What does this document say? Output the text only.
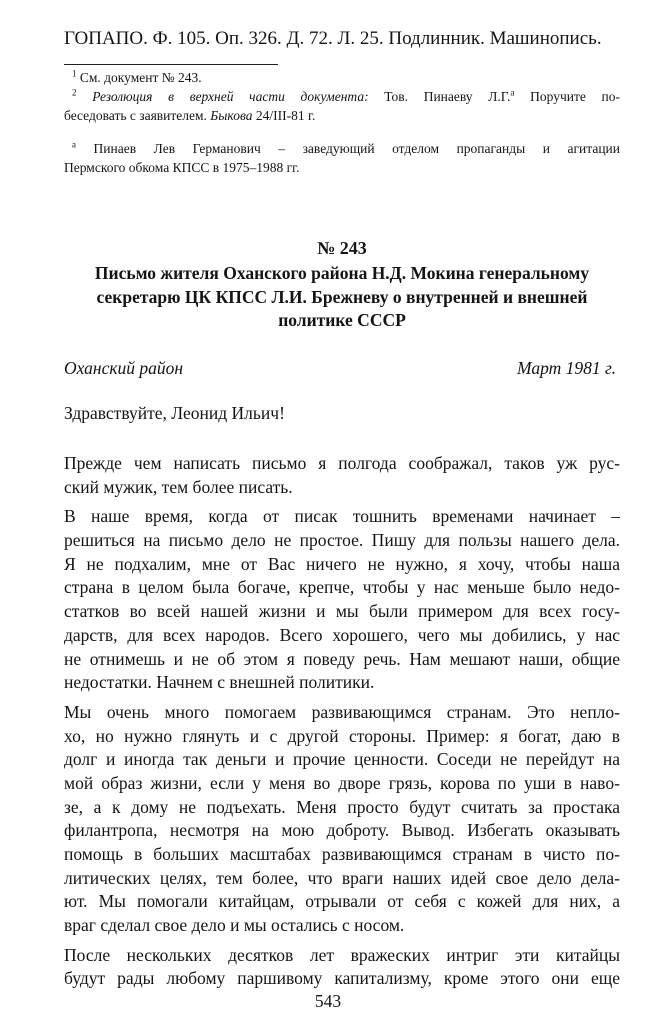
ГОПАПО. Ф. 105. Оп. 326. Д. 72. Л. 25. Подлинник. Машинопись.

$^1$ См. документ № 243.

$^2$ Резолюция в верхней части документа: Тов. Пинаеву Л.Г.$^а$ Поручите по-

беседовать с заявителем. Быкова 24/III-81 г.

$^а$ Пинаев Лев Германович – заведующий отделом пропаганды и агитации

Пермского обкома КПСС в 1975–1988 гг.

№ 243
Письмо жителя Оханского района Н.Д. Мокина генеральному
секретарю ЦК КПСС Л.И. Брежневу о внутренней и внешней
политике СССР
Оханский район	Март 1981 г.
Здравствуйте, Леонид Ильич!
Прежде чем написать письмо я полгода соображал, таков уж рус-
ский мужик, тем более писать.
В наше время, когда от писак тошнить временами начинает –
решиться на письмо дело не простое. Пишу для пользы нашего дела.
Я не подхалим, мне от Вас ничего не нужно, я хочу, чтобы наша
страна в целом была богаче, крепче, чтобы у нас меньше было недо-
статков во всей нашей жизни и мы были примером для всех госу-
дарств, для всех народов. Всего хорошего, чего мы добились, у нас
не отнимешь и не об этом я поведу речь. Нам мешают наши, общие
недостатки. Начнем с внешней политики.
Мы очень много помогаем развивающимся странам. Это непло-
хо, но нужно глянуть и с другой стороны. Пример: я богат, даю в
долг и иногда так деньги и прочие ценности. Соседи не перейдут на
мой образ жизни, если у меня во дворе грязь, корова по уши в навo-
зе, а к дому не подъехать. Меня просто будут считать за простака
филантропа, несмотря на мою доброту. Вывод. Избегать оказывать
помощь в больших масштабах развивающимся странам в чисто по-
литических целях, тем более, что враги наших идей свое дело делa-
ют. Мы помогали китайцам, отрывали от себя с кожей для них, а
враг сделал свое дело и мы остались с носом.
После нескольких десятков лет вражеских интриг эти китайцы
будут рады любому паршивому капитализму, кроме этого они еще
543
